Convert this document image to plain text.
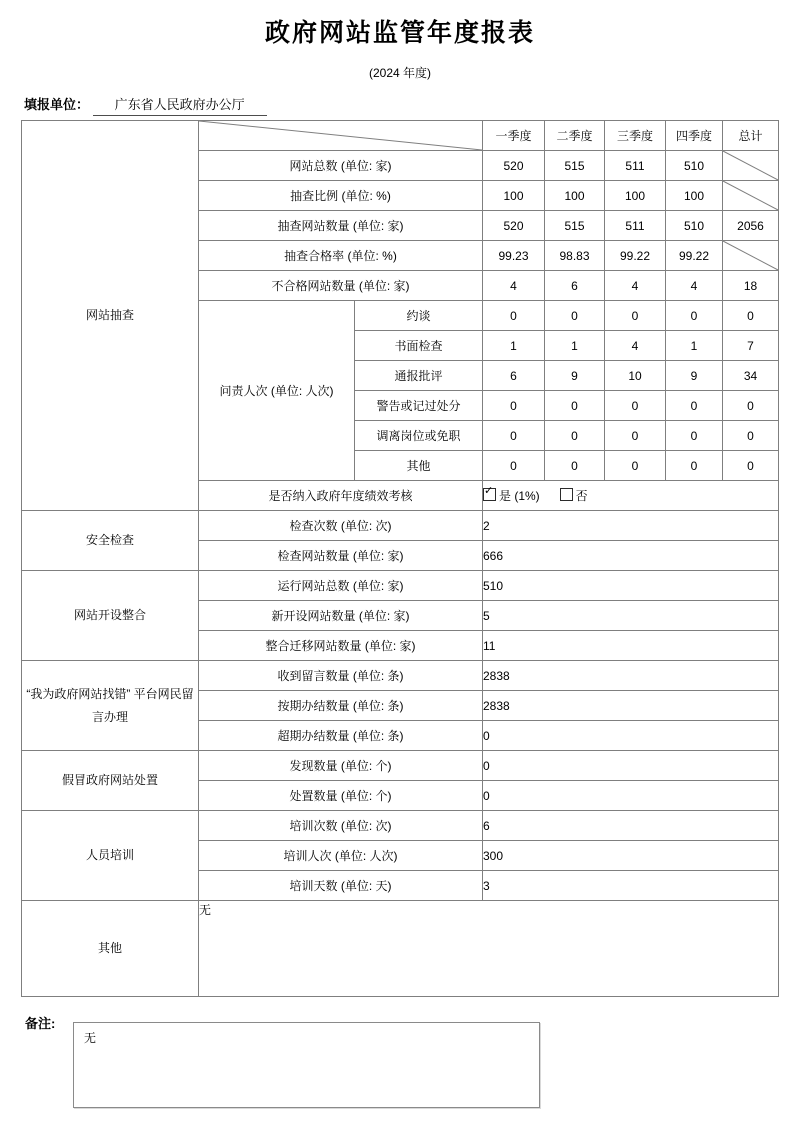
政府网站监管年度报表
(2024 年度)
填报单位： 广东省人民政府办公厅
网站抽查			一季度	二季度	三季度	四季度	总计
	网站总数 (单位: 家)		520	515	511	510	

	抽查比例 (单位: %)		100	100	100	100	

	抽查网站数量 (单位: 家)		520	515	511	510	2056
	抽查合格率 (单位: %)		99.23	98.83	99.22	99.22	

	不合格网站数量 (单位: 家)		4	6	4	4	18
	问责人次 (单位: 人次)	约谈	0	0	0	0	0
		书面检查	1	1	4	1	7
		通报批评	6	9	10	9	34
		警告或记过处分	0	0	0	0	0
		调离岗位或免职	0	0	0	0	0
		其他	0	0	0	0	0
	是否纳入政府年度绩效考核	✓是 (1%) 否
安全检查	检查次数 (单位: 次)		2				
	检查网站数量 (单位: 家)		666				
网站开设整合	运行网站总数 (单位: 家)		510				
	新开设网站数量 (单位: 家)		5				
	整合迁移网站数量 (单位: 家)		11				
“我为政府网站找错” 平台网民留言办理	收到留言数量 (单位: 条)		2838				
	按期办结数量 (单位: 条)		2838				
	超期办结数量 (单位: 条)		0				
假冒政府网站处置	发现数量 (单位: 个)		0				
	处置数量 (单位: 个)		0				
人员培训	培训次数 (单位: 次)		6				
	培训人次 (单位: 人次)		300				
	培训天数 (单位: 天)		3				
其他	无						
备注:
无
